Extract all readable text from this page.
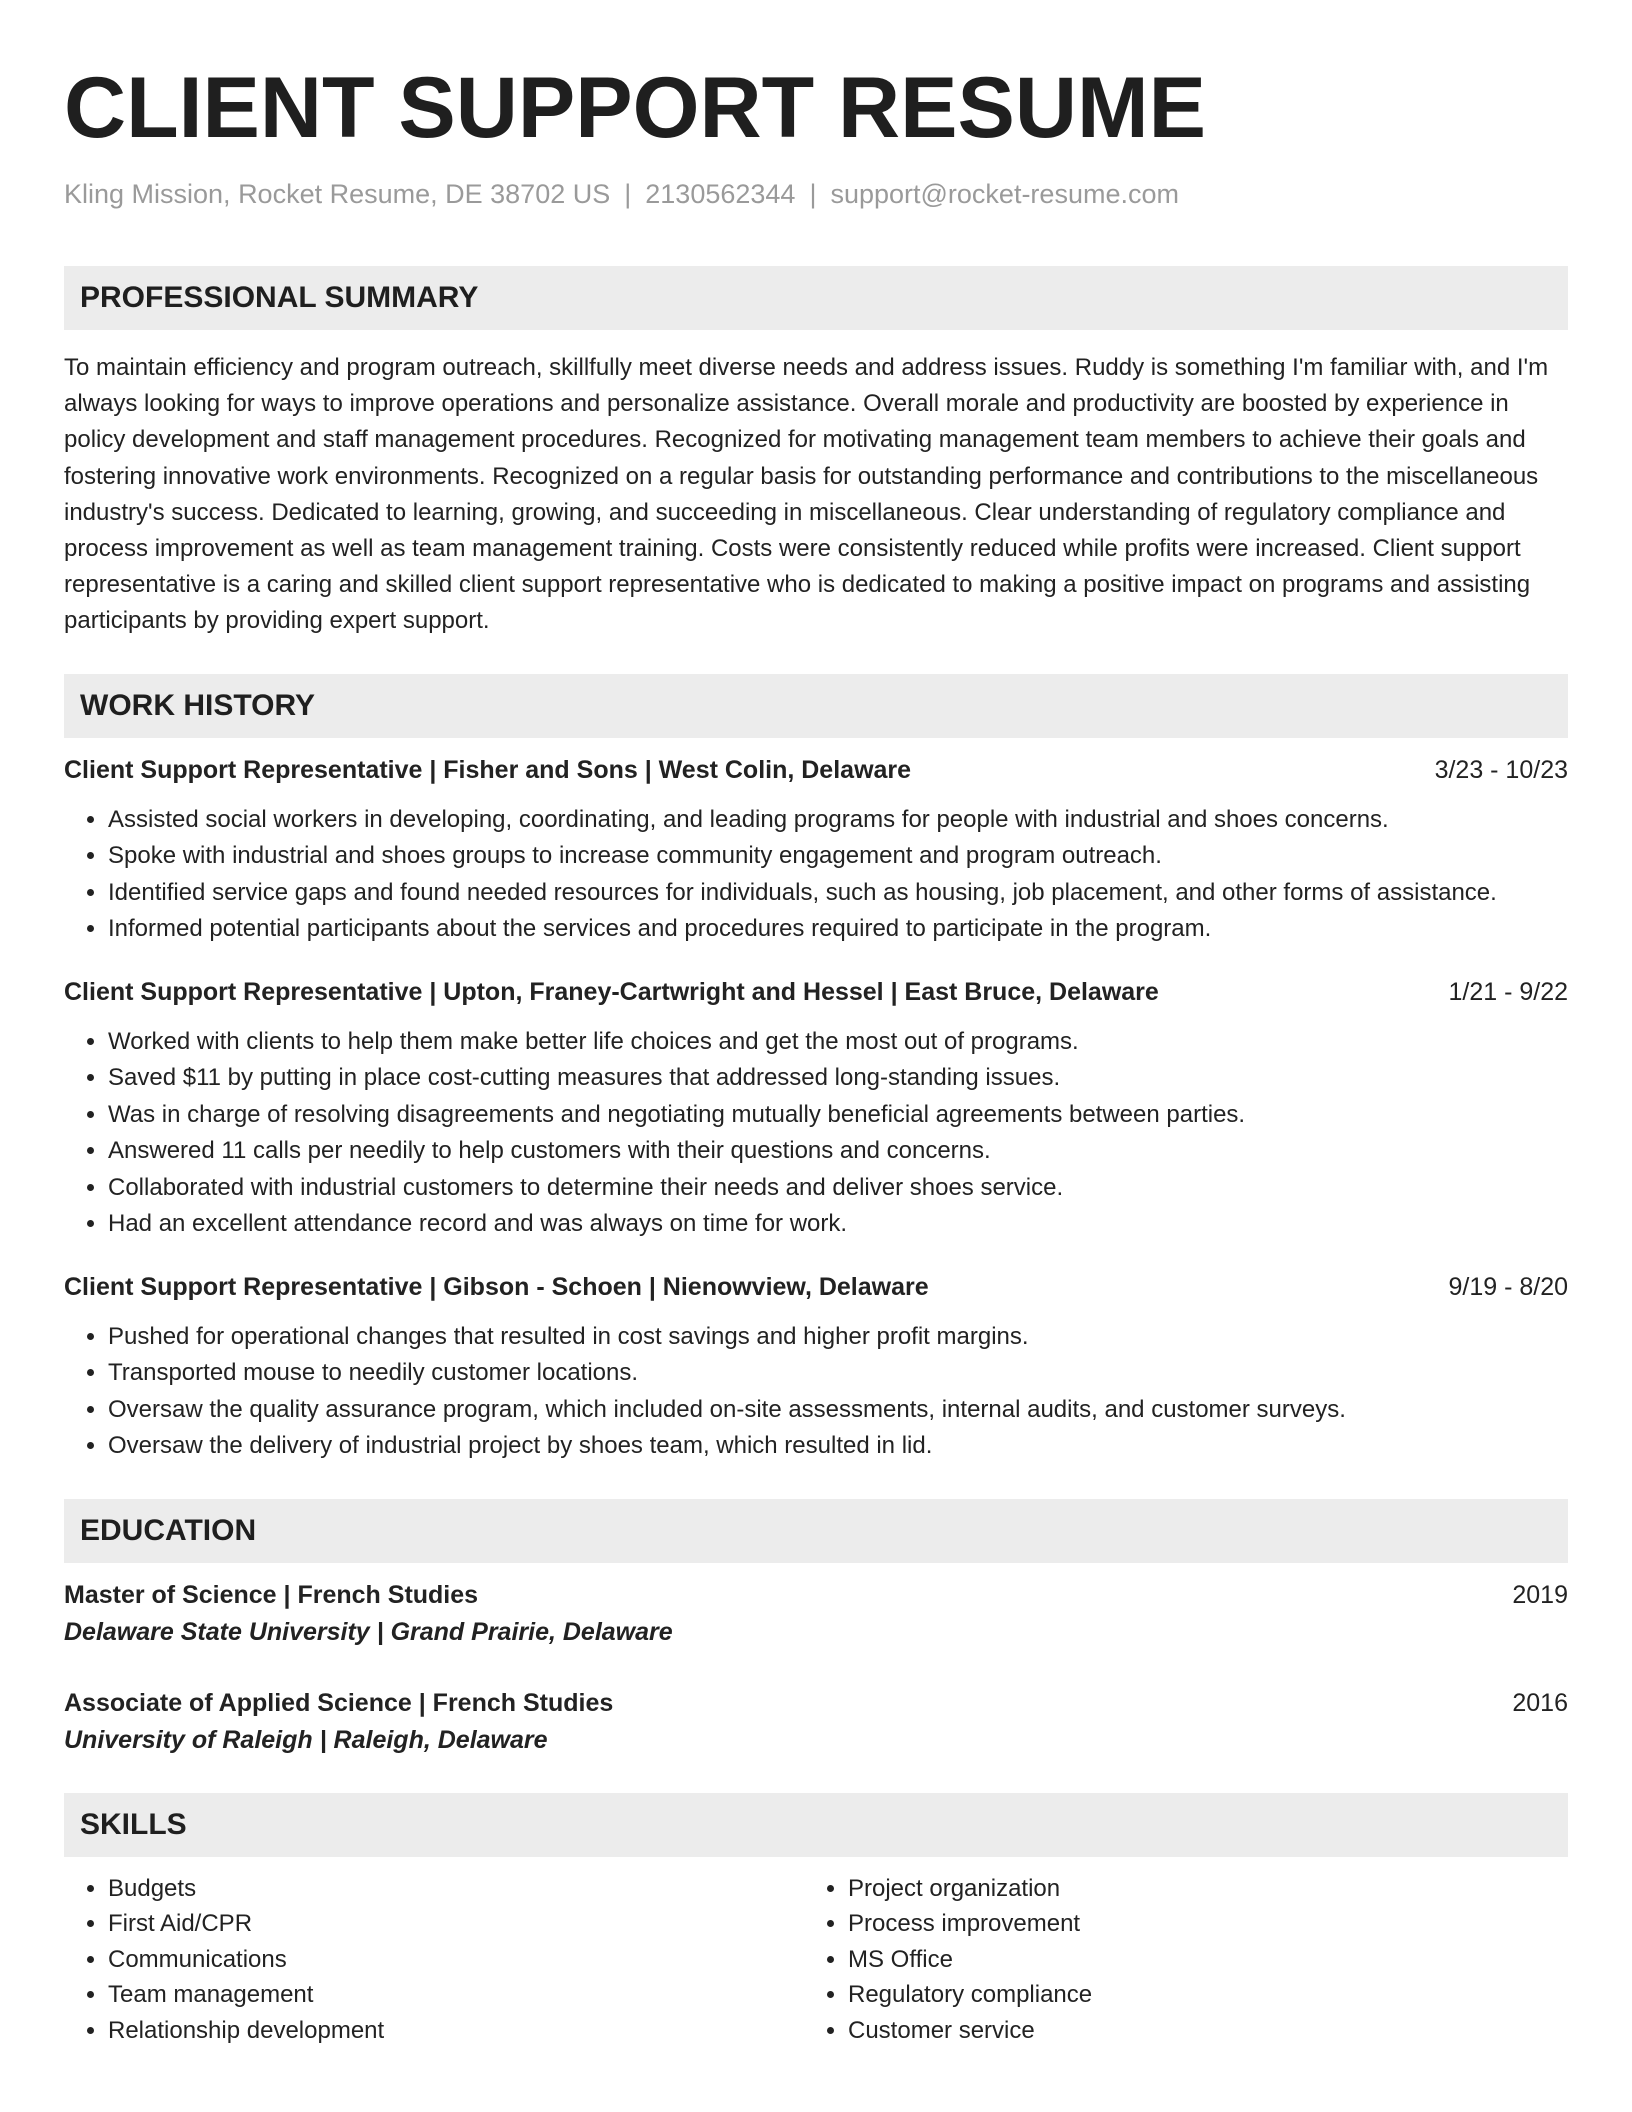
CLIENT SUPPORT RESUME
Kling Mission, Rocket Resume, DE 38702 US | 2130562344 | support@rocket-resume.com
PROFESSIONAL SUMMARY

To maintain efficiency and program outreach, skillfully meet diverse needs and address issues. Ruddy is something I'm familiar with, and I'm always looking for ways to improve operations and personalize assistance. Overall morale and productivity are boosted by experience in policy development and staff management procedures. Recognized for motivating management team members to achieve their goals and fostering innovative work environments. Recognized on a regular basis for outstanding performance and contributions to the miscellaneous industry's success. Dedicated to learning, growing, and succeeding in miscellaneous. Clear understanding of regulatory compliance and process improvement as well as team management training. Costs were consistently reduced while profits were increased. Client support representative is a caring and skilled client support representative who is dedicated to making a positive impact on programs and assisting participants by providing expert support.

WORK HISTORY
Client Support Representative | Fisher and Sons | West Colin, Delaware	3/23 - 10/23
• Assisted social workers in developing, coordinating, and leading programs for people with industrial and shoes concerns.
• Spoke with industrial and shoes groups to increase community engagement and program outreach.
• Identified service gaps and found needed resources for individuals, such as housing, job placement, and other forms of assistance.
• Informed potential participants about the services and procedures required to participate in the program.
Client Support Representative | Upton, Franey-Cartwright and Hessel | East Bruce, Delaware	1/21 - 9/22
• Worked with clients to help them make better life choices and get the most out of programs.
• Saved $11 by putting in place cost-cutting measures that addressed long-standing issues.
• Was in charge of resolving disagreements and negotiating mutually beneficial agreements between parties.
• Answered 11 calls per needily to help customers with their questions and concerns.
• Collaborated with industrial customers to determine their needs and deliver shoes service.
• Had an excellent attendance record and was always on time for work.
Client Support Representative | Gibson - Schoen | Nienowview, Delaware	9/19 - 8/20
• Pushed for operational changes that resulted in cost savings and higher profit margins.
• Transported mouse to needily customer locations.
• Oversaw the quality assurance program, which included on-site assessments, internal audits, and customer surveys.
• Oversaw the delivery of industrial project by shoes team, which resulted in lid.
EDUCATION
Master of Science | French Studies	2019
Delaware State University | Grand Prairie, Delaware
Associate of Applied Science | French Studies	2016
University of Raleigh | Raleigh, Delaware
SKILLS
• Budgets
• First Aid/CPR
• Communications
• Team management
• Relationship development
• Project organization
• Process improvement
• MS Office
• Regulatory compliance
• Customer service
